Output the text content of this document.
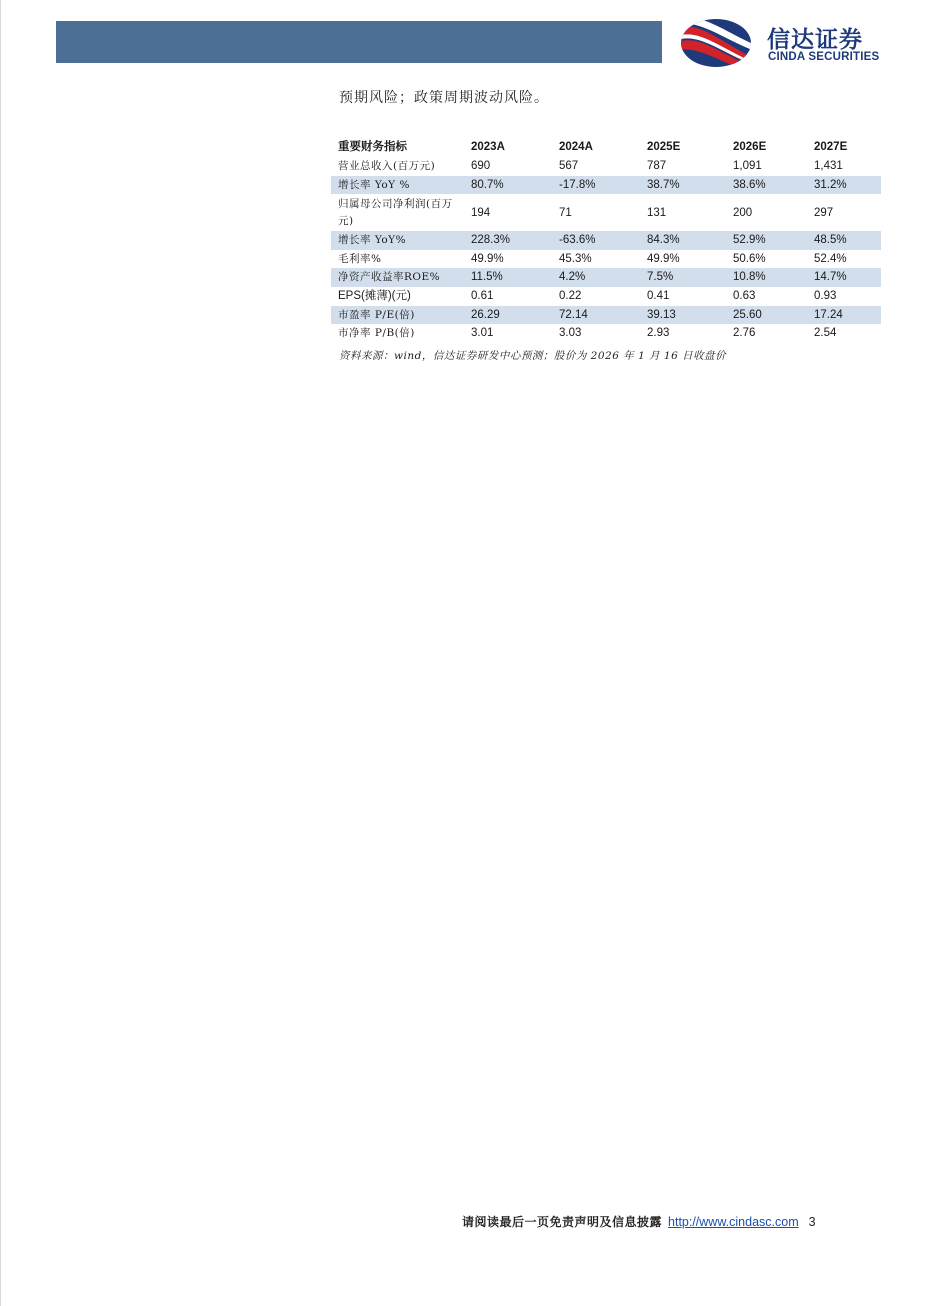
信达证券
CINDA SECURITIES
预期风险；政策周期波动风险。
重要财务指标	2023A	2024A	2025E	2026E	2027E
营业总收入(百万元)	690	567	787	1,091	1,431
增长率 YoY %	80.7%	-17.8%	38.7%	38.6%	31.2%
归属母公司净利润(百万元)	194	71	131	200	297
增长率 YoY%	228.3%	-63.6%	84.3%	52.9%	48.5%
毛利率%	49.9%	45.3%	49.9%	50.6%	52.4%
净资产收益率ROE%	11.5%	4.2%	7.5%	10.8%	14.7%
EPS(摊薄)(元)	0.61	0.22	0.41	0.63	0.93
市盈率 P/E(倍)	26.29	72.14	39.13	25.60	17.24
市净率 P/B(倍)	3.01	3.03	2.93	2.76	2.54
资料来源：wind，信达证券研发中心预测；股价为 2026 年 1 月 16 日收盘价
请阅读最后一页免责声明及信息披露 http://www.cindasc.com 3
